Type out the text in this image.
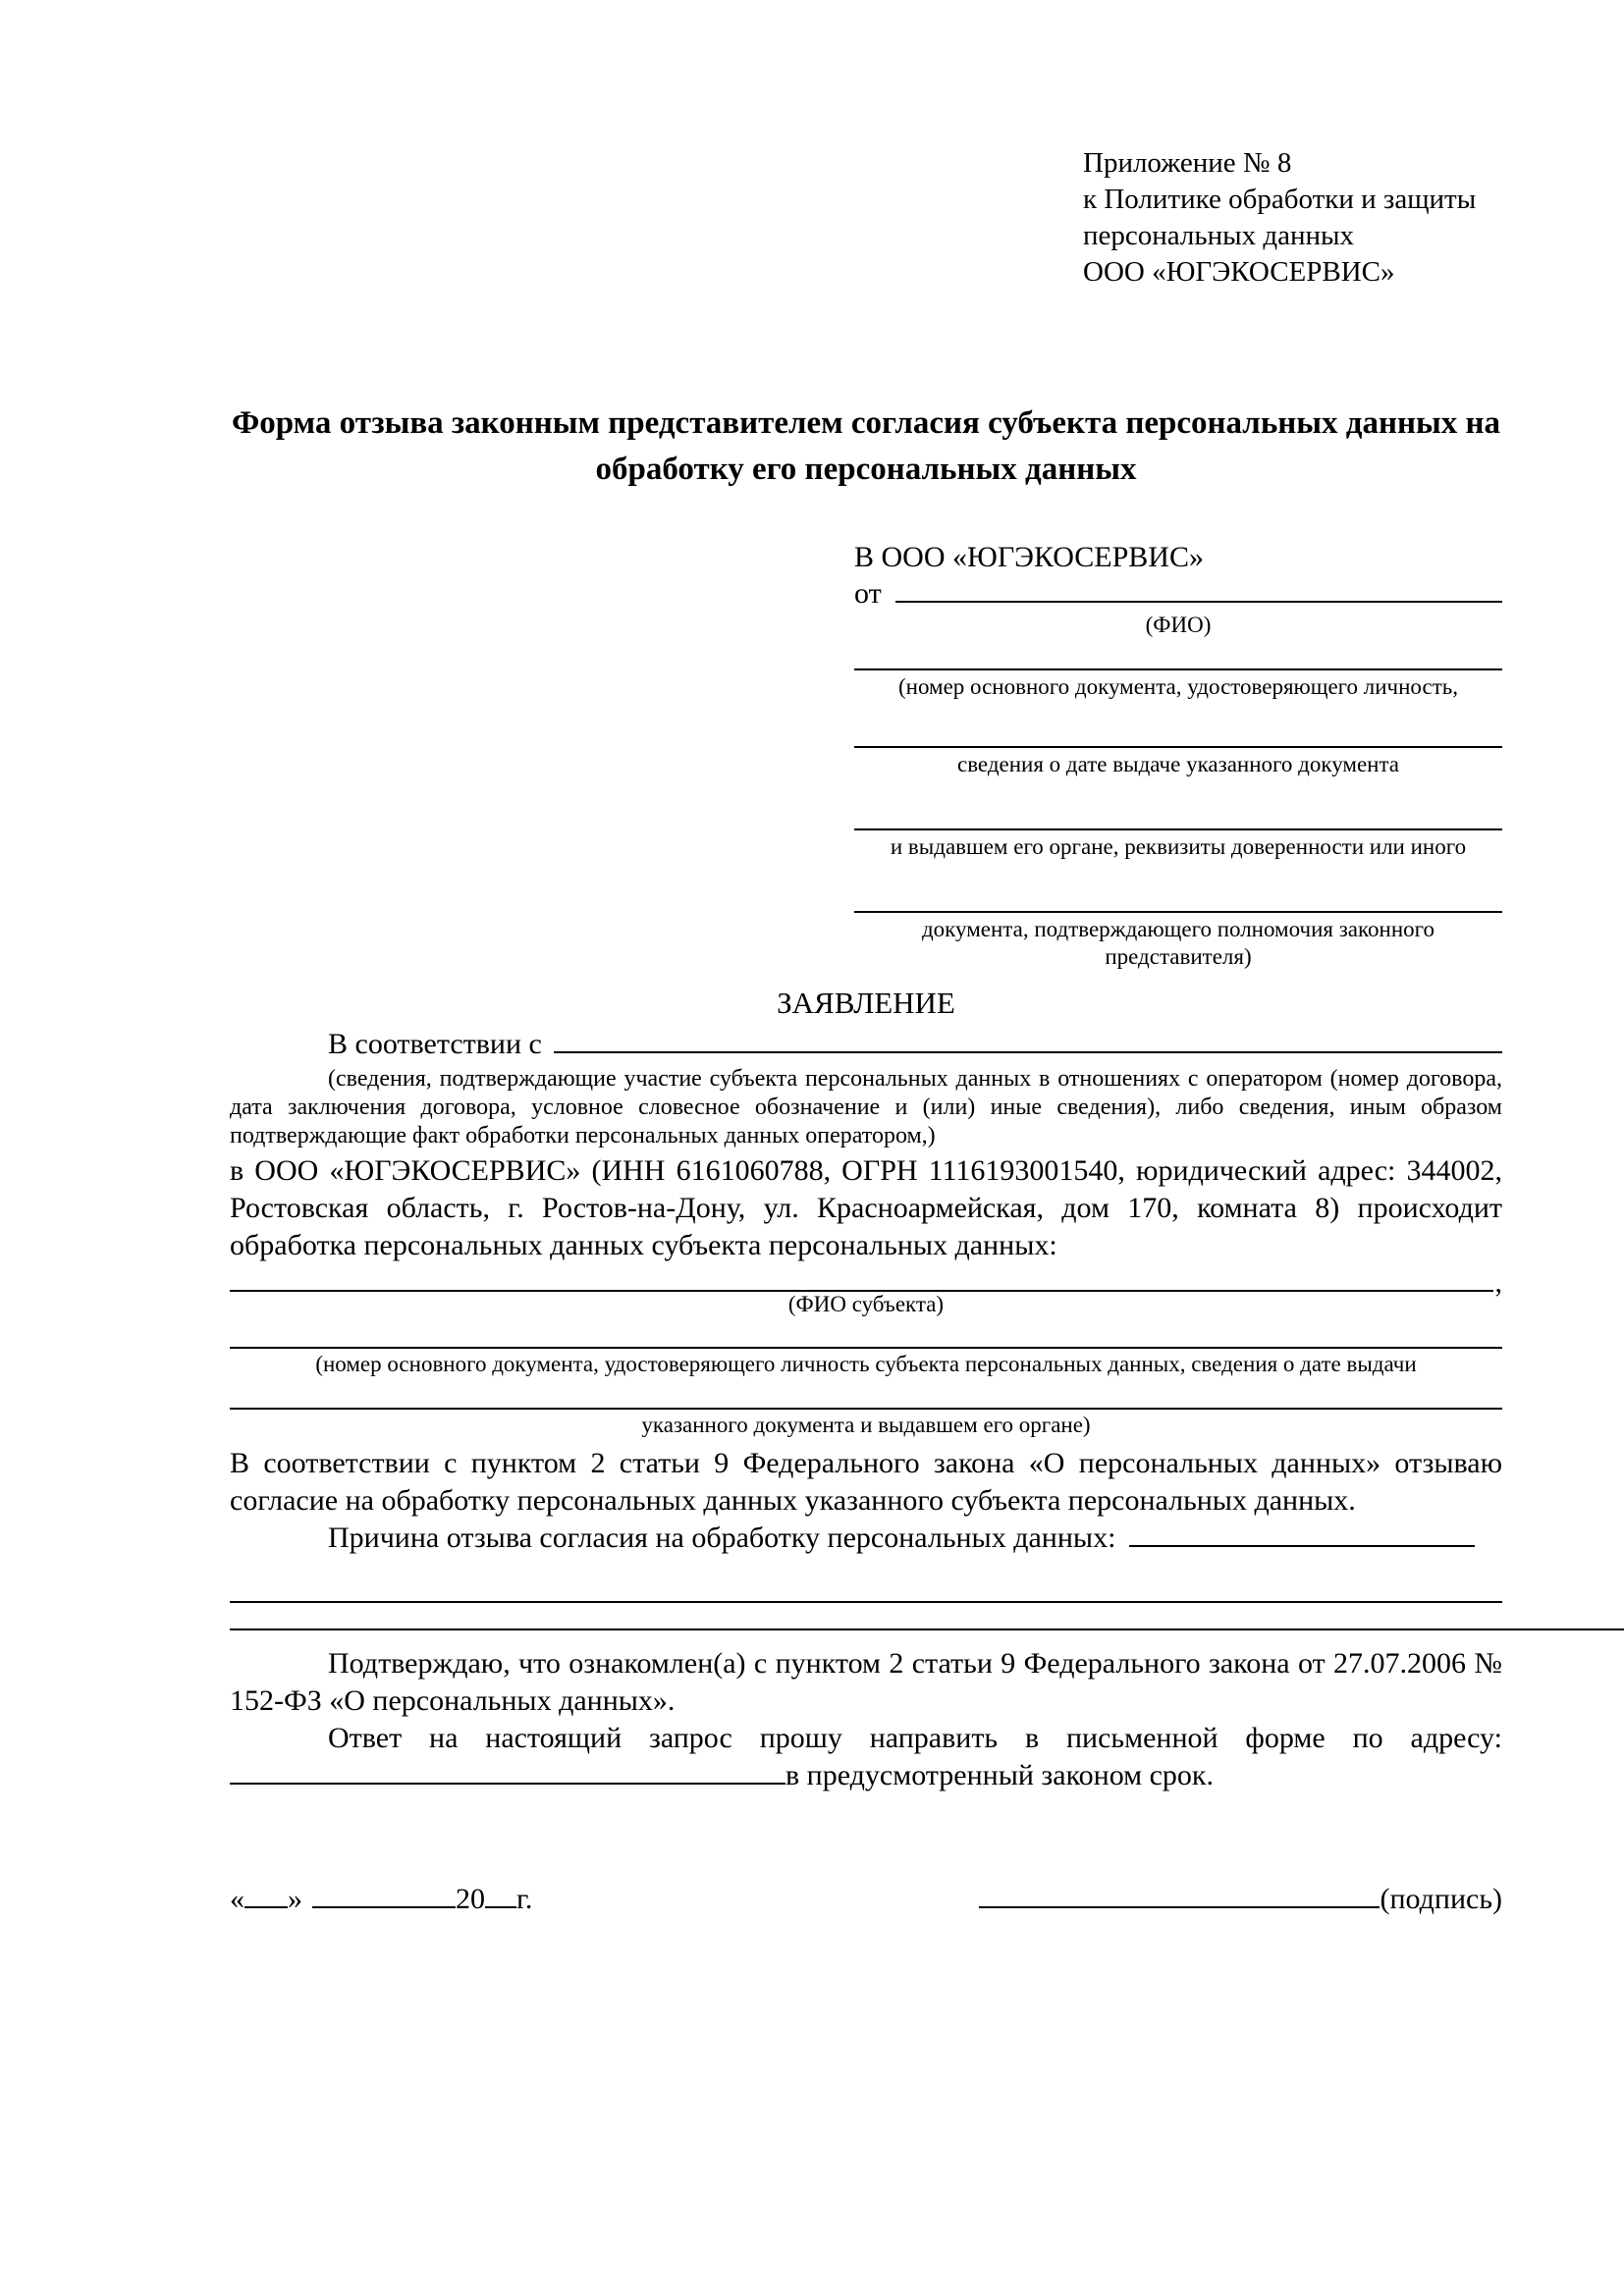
Приложение № 8
к Политике обработки и защиты
персональных данных
ООО «ЮГЭКОСЕРВИС»
Форма отзыва законным представителем согласия субъекта персональных данных на обработку его персональных данных
В ООО «ЮГЭКОСЕРВИС»
от
(ФИО)
(номер основного документа, удостоверяющего личность,
сведения о дате выдаче указанного документа
и выдавшем его органе, реквизиты доверенности или иного
документа, подтверждающего полномочия законного представителя)
ЗАЯВЛЕНИЕ
В соответствии с

(сведения, подтверждающие участие субъекта персональных данных в отношениях с оператором (номер договора, дата заключения договора, условное словесное обозначение и (или) иные сведения), либо сведения, иным образом подтверждающие факт обработки персональных данных оператором,)

в ООО «ЮГЭКОСЕРВИС» (ИНН 6161060788, ОГРН 1116193001540, юридический адрес: 344002, Ростовская область, г. Ростов-на-Дону, ул. Красноармейская, дом 170, комната 8) происходит обработка персональных данных субъекта персональных данных:

,
(ФИО субъекта)
(номер основного документа, удостоверяющего личность субъекта персональных данных, сведения о дате выдачи
указанного документа и выдавшем его органе)

В соответствии с пунктом 2 статьи 9 Федерального закона «О персональных данных» отзываю согласие на обработку персональных данных указанного субъекта персональных данных.

Причина отзыва согласия на обработку персональных данных:

Подтверждаю, что ознакомлен(а) с пунктом 2 статьи 9 Федерального закона от 27.07.2006 № 152-ФЗ «О персональных данных».

Ответ на настоящий запрос прошу направить в письменной форме по адресу:

в предусмотренный законом срок.
« »	20 г.	(подпись)
